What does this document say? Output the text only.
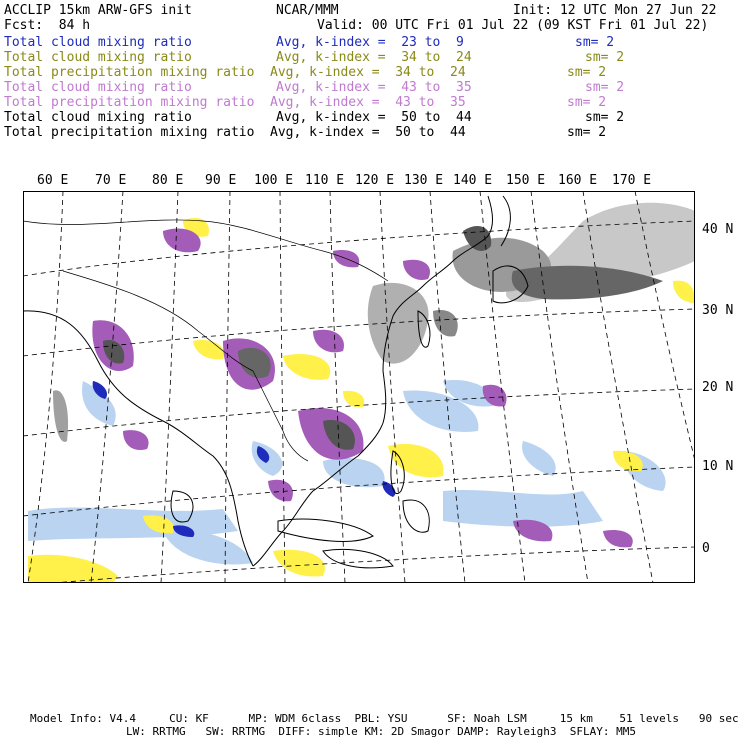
ACCLIP 15km ARW-GFS init	NCAR/MMM	Init: 12 UTC Mon 27 Jun 22
Fcst:  84 h	Valid: 00 UTC Fri 01 Jul 22 (09 KST Fri 01 Jul 22)
Total cloud mixing ratio	Avg, k-index =  23 to  9	sm= 2
Total cloud mixing ratio	Avg, k-index =  34 to  24	sm= 2
Total precipitation mixing ratio Avg, k-index =  34 to  24	sm= 2
Total cloud mixing ratio	Avg, k-index =  43 to  35	sm= 2
Total precipitation mixing ratio Avg, k-index =  43 to  35	sm= 2
Total cloud mixing ratio	Avg, k-index =  50 to  44	sm= 2
Total precipitation mixing ratio Avg, k-index =  50 to  44	sm= 2
60 E 70 E 80 E 90 E 100 E 110 E 120 E 130 E 140 E 150 E 160 E 170 E
40 N
30 N
20 N
10 N
0
Model Info: V4.4     CU: KF      MP: WDM 6class  PBL: YSU      SF: Noah LSM     15 km    51 levels   90 sec
LW: RRTMG   SW: RRTMG  DIFF: simple KM: 2D Smagor DAMP: Rayleigh3  SFLAY: MM5
